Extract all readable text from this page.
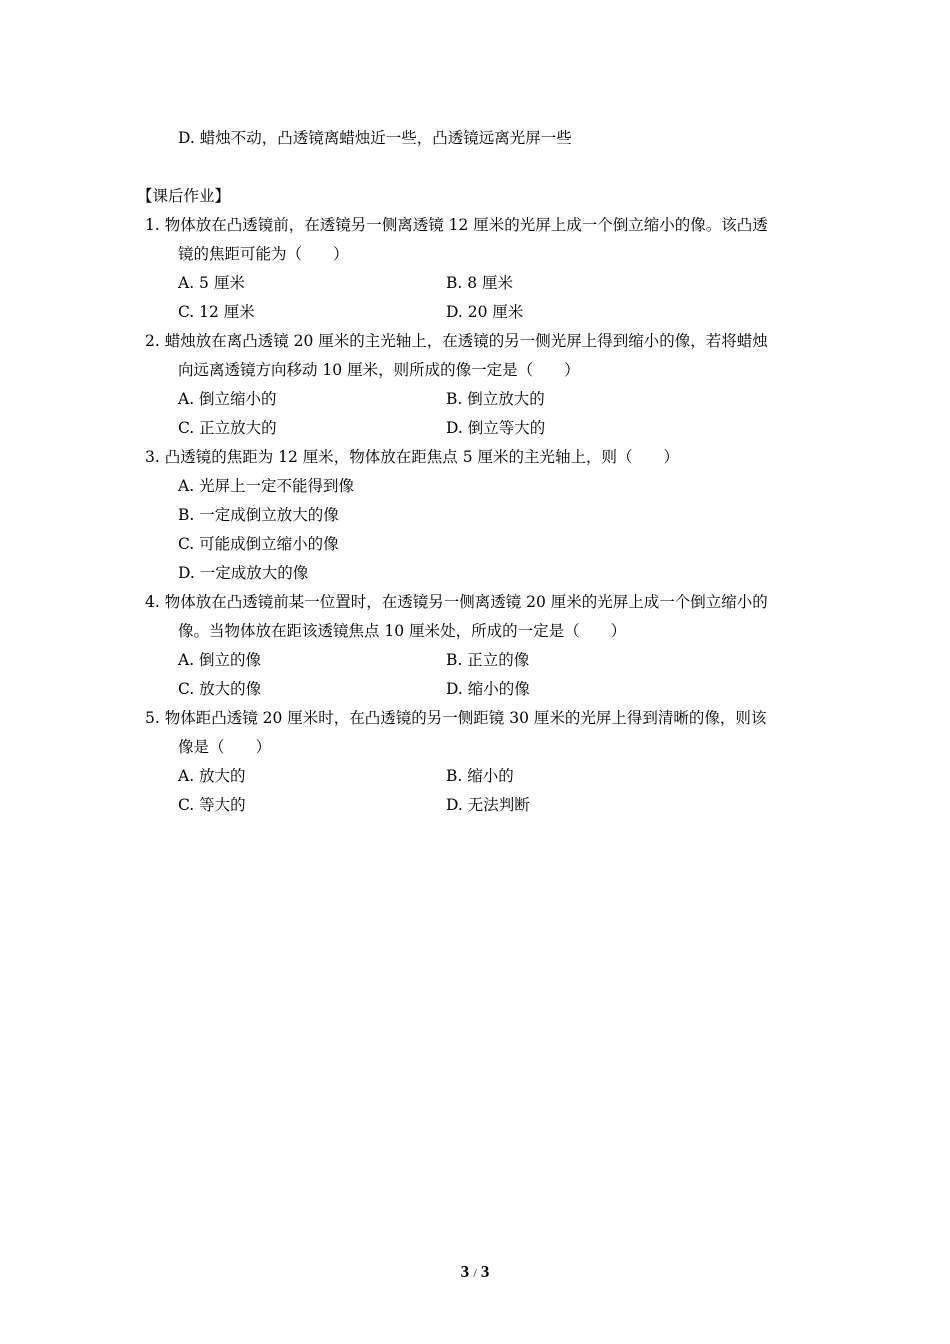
D. 蜡烛不动，凸透镜离蜡烛近一些，凸透镜远离光屏一些
【课后作业】
1. 物体放在凸透镜前，在透镜另一侧离透镜 12 厘米的光屏上成一个倒立缩小的像。该凸透
镜的焦距可能为（　　）
A. 5 厘米	B. 8 厘米
C. 12 厘米	D. 20 厘米
2. 蜡烛放在离凸透镜 20 厘米的主光轴上，在透镜的另一侧光屏上得到缩小的像，若将蜡烛
向远离透镜方向移动 10 厘米，则所成的像一定是（　　）
A. 倒立缩小的	B. 倒立放大的
C. 正立放大的	D. 倒立等大的
3. 凸透镜的焦距为 12 厘米，物体放在距焦点 5 厘米的主光轴上，则（　　）
A. 光屏上一定不能得到像
B. 一定成倒立放大的像
C. 可能成倒立缩小的像
D. 一定成放大的像
4. 物体放在凸透镜前某一位置时，在透镜另一侧离透镜 20 厘米的光屏上成一个倒立缩小的
像。当物体放在距该透镜焦点 10 厘米处，所成的一定是（　　）
A. 倒立的像	B. 正立的像
C. 放大的像	D. 缩小的像
5. 物体距凸透镜 20 厘米时，在凸透镜的另一侧距镜 30 厘米的光屏上得到清晰的像，则该
像是（　　）
A. 放大的	B. 缩小的
C. 等大的	D. 无法判断
3 / 3
